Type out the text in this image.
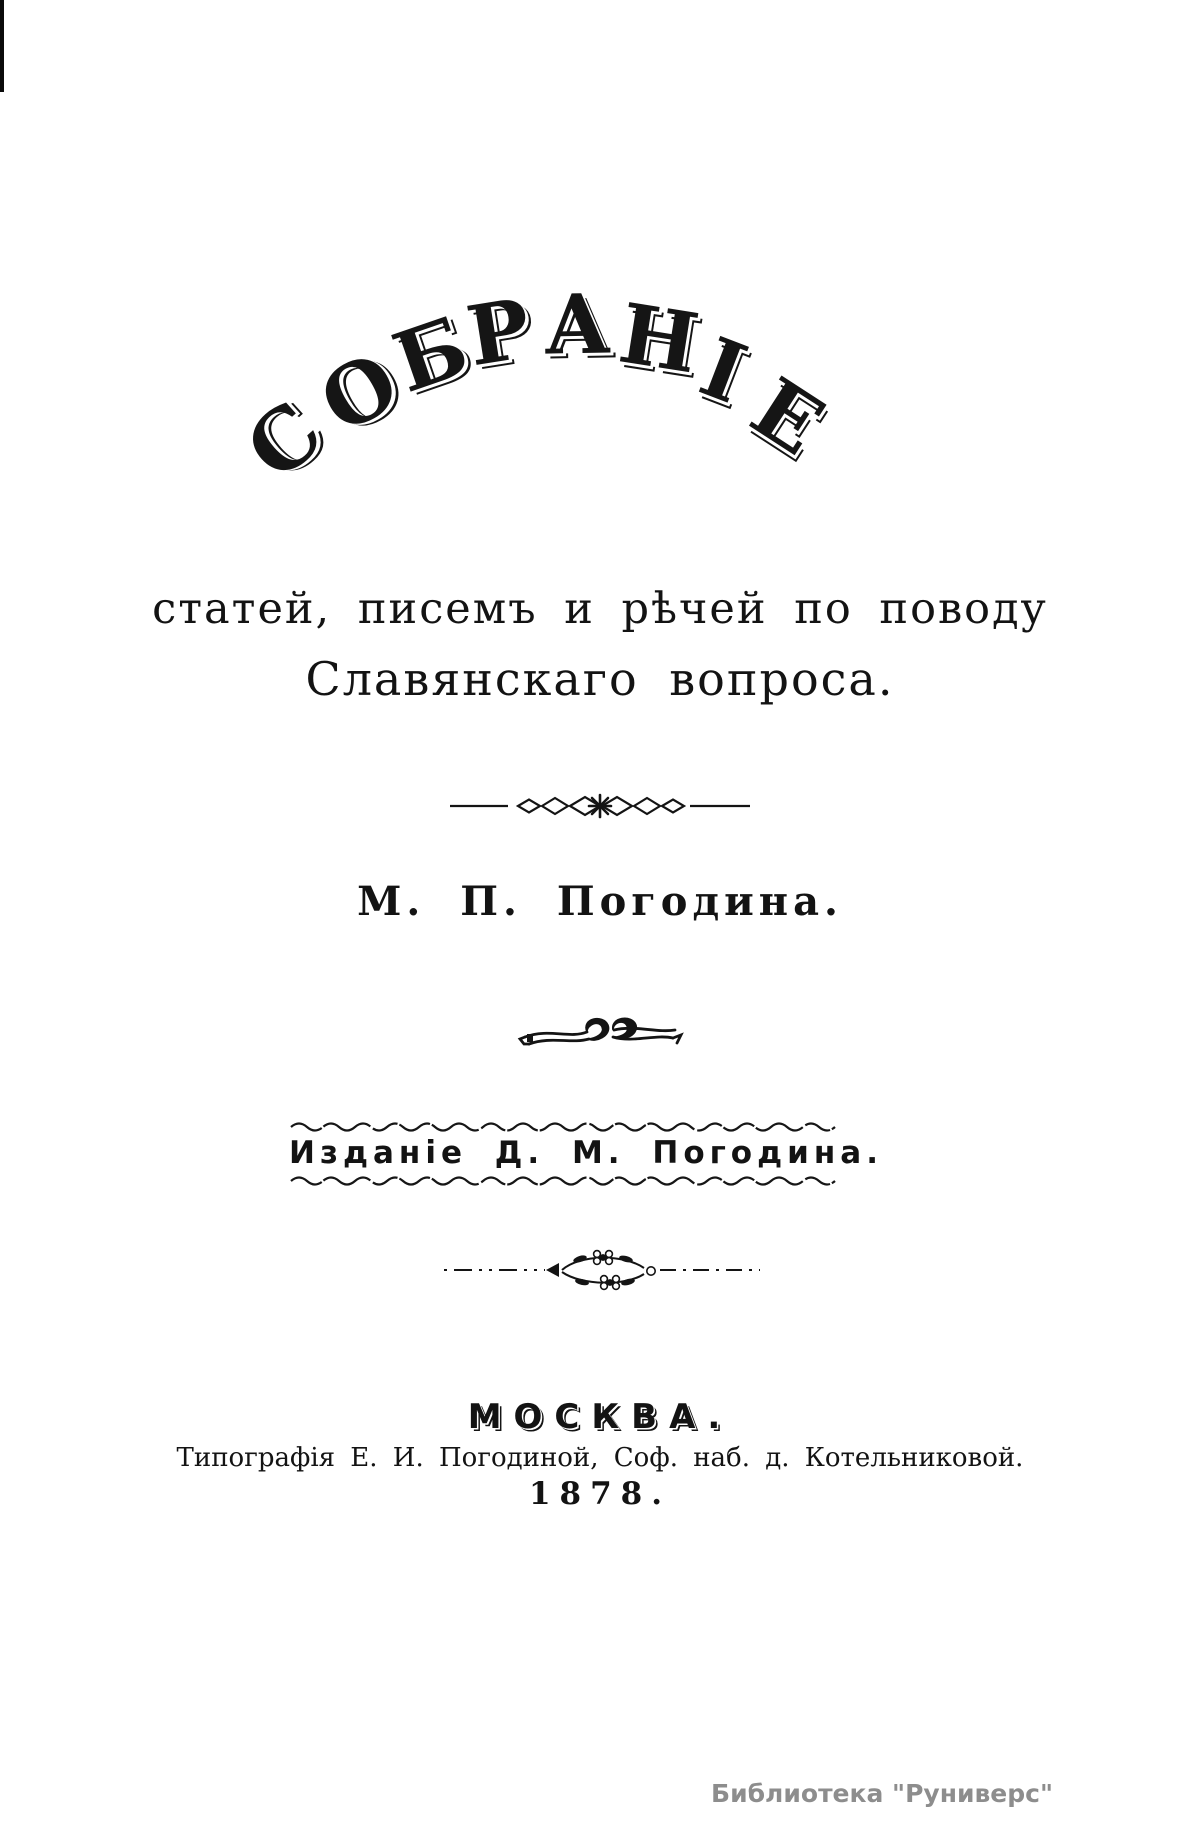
С
О
Б
Р А Н
І
Е
статей, писемъ и рѣчей по поводу
Славянскаго вопроса.
М. П. Погодина.
Изданіе Д. М. Погодина.
МОСКВА.
Типографія Е. И. Погодиной, Соф. наб. д. Котельниковой.
1878.
Библиотека "Руниверс"
